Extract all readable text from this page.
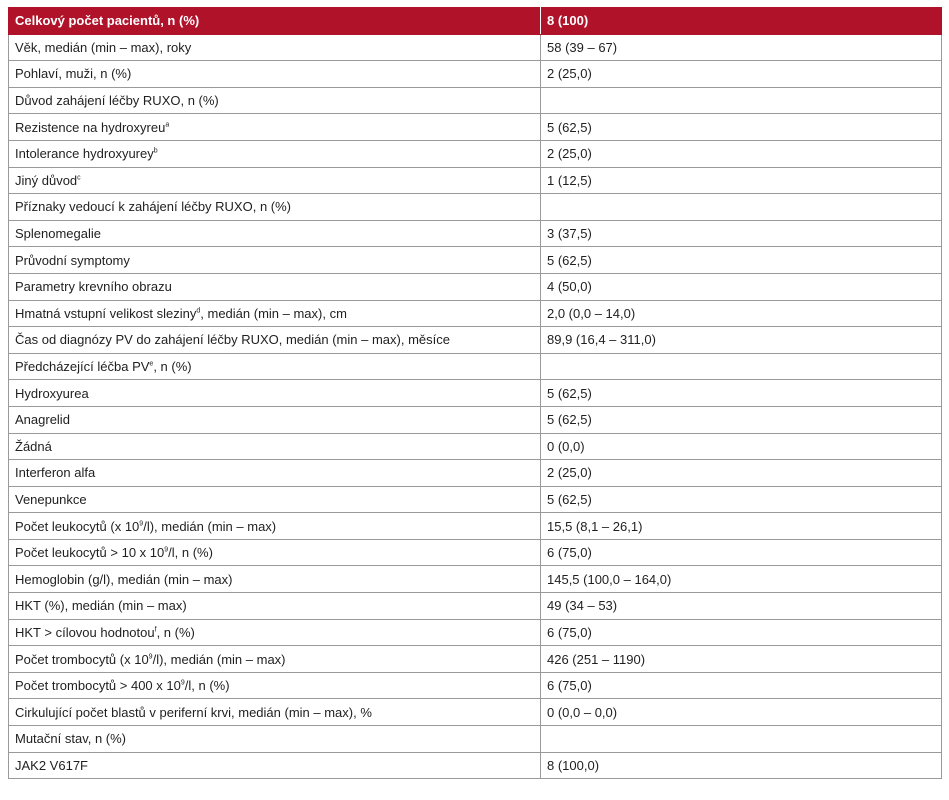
Celkový počet pacientů, n (%)	8 (100)
Věk, medián (min – max), roky	58 (39 – 67)
Pohlaví, muži, n (%)	2 (25,0)
Důvod zahájení léčby RUXO, n (%)	
Rezistence na hydroxyreu$^a$	5 (62,5)
Intolerance hydroxyurey$^b$	2 (25,0)
Jiný důvod$^c$	1 (12,5)
Příznaky vedoucí k zahájení léčby RUXO, n (%)	
Splenomegalie	3 (37,5)
Průvodní symptomy	5 (62,5)
Parametry krevního obrazu	4 (50,0)
Hmatná vstupní velikost sleziny$^d$, medián (min – max), cm	2,0 (0,0 – 14,0)
Čas od diagnózy PV do zahájení léčby RUXO, medián (min – max), měsíce	89,9 (16,4 – 311,0)
Předcházející léčba $PV^e$, n (%)	
Hydroxyurea	5 (62,5)
Anagrelid	5 (62,5)
Žádná	0 (0,0)
Interferon alfa	2 (25,0)
Venepunkce	5 (62,5)
Počet leukocytů (x $10^9/l$), medián (min – max)	15,5 (8,1 – 26,1)
Počet leukocytů > 10 x $10^9/l$, n (%)	6 (75,0)
Hemoglobin (g/l), medián (min – max)	145,5 (100,0 – 164,0)
HKT (%), medián (min – max)	49 (34 – 53)
HKT > cílovou hodnotou$^f$, n (%)	6 (75,0)
Počet trombocytů (x $10^9/l$), medián (min – max)	426 (251 – 1190)
Počet trombocytů > 400 x $10^9/l$, n (%)	6 (75,0)
Cirkulující počet blastů v periferní krvi, medián (min – max), %	0 (0,0 – 0,0)
Mutační stav, n (%)	
JAK2 V617F	8 (100,0)
